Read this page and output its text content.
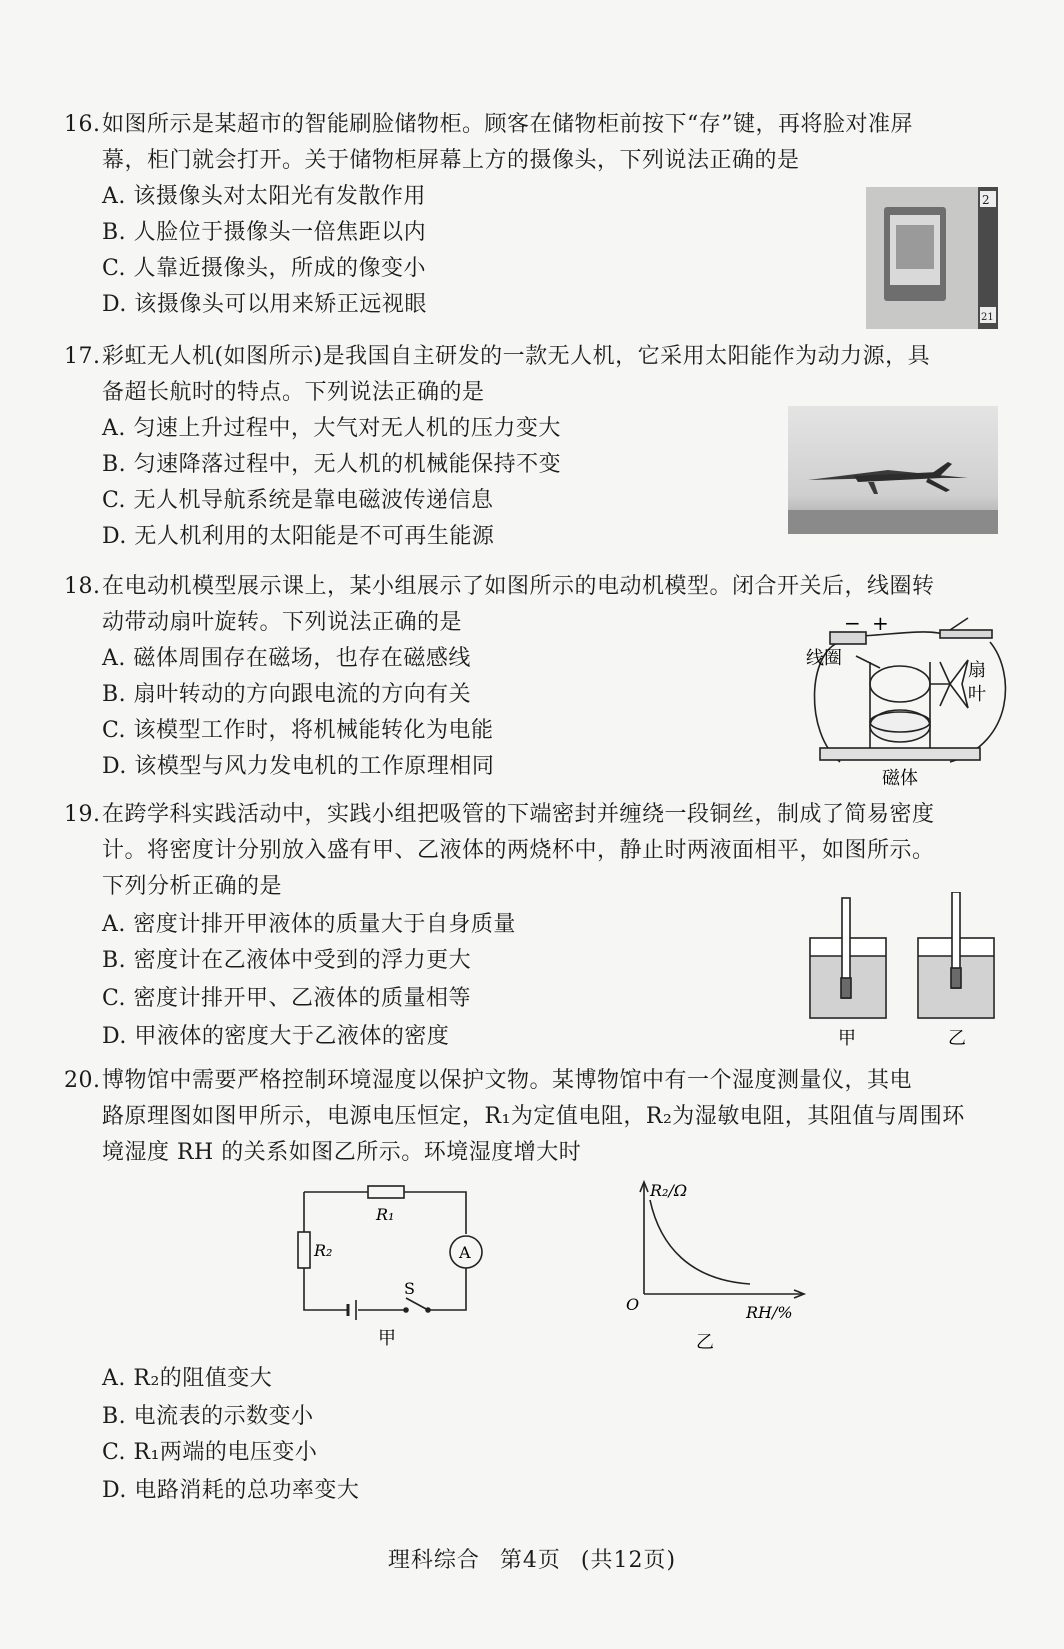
16.如图所示是某超市的智能刷脸储物柜。顾客在储物柜前按下“存”键，再将脸对准屏
幕，柜门就会打开。关于储物柜屏幕上方的摄像头，下列说法正确的是
A. 该摄像头对太阳光有发散作用
B. 人脸位于摄像头一倍焦距以内
C. 人靠近摄像头，所成的像变小
D. 该摄像头可以用来矫正远视眼
2
21
17.彩虹无人机(如图所示)是我国自主研发的一款无人机，它采用太阳能作为动力源，具
备超长航时的特点。下列说法正确的是
A. 匀速上升过程中，大气对无人机的压力变大
B. 匀速降落过程中，无人机的机械能保持不变
C. 无人机导航系统是靠电磁波传递信息
D. 无人机利用的太阳能是不可再生能源
18.在电动机模型展示课上，某小组展示了如图所示的电动机模型。闭合开关后，线圈转
动带动扇叶旋转。下列说法正确的是
A. 磁体周围存在磁场，也存在磁感线
B. 扇叶转动的方向跟电流的方向有关
C. 该模型工作时，将机械能转化为电能
D. 该模型与风力发电机的工作原理相同
− +
线圈
扇
叶
磁体
19.在跨学科实践活动中，实践小组把吸管的下端密封并缠绕一段铜丝，制成了简易密度
计。将密度计分别放入盛有甲、乙液体的两烧杯中，静止时两液面相平，如图所示。
下列分析正确的是
A. 密度计排开甲液体的质量大于自身质量
B. 密度计在乙液体中受到的浮力更大
C. 密度计排开甲、乙液体的质量相等
D. 甲液体的密度大于乙液体的密度	甲	乙
20.博物馆中需要严格控制环境湿度以保护文物。某博物馆中有一个湿度测量仪，其电
路原理图如图甲所示，电源电压恒定，R₁为定值电阻，R₂为湿敏电阻，其阻值与周围环
境湿度 RH 的关系如图乙所示。环境湿度增大时
R₁
R₂	A
S
甲
R₂/Ω
RH/%
O
乙
A. R₂的阻值变大
B. 电流表的示数变小
C. R₁两端的电压变小
D. 电路消耗的总功率变大
理科综合 第4页 (共12页)
